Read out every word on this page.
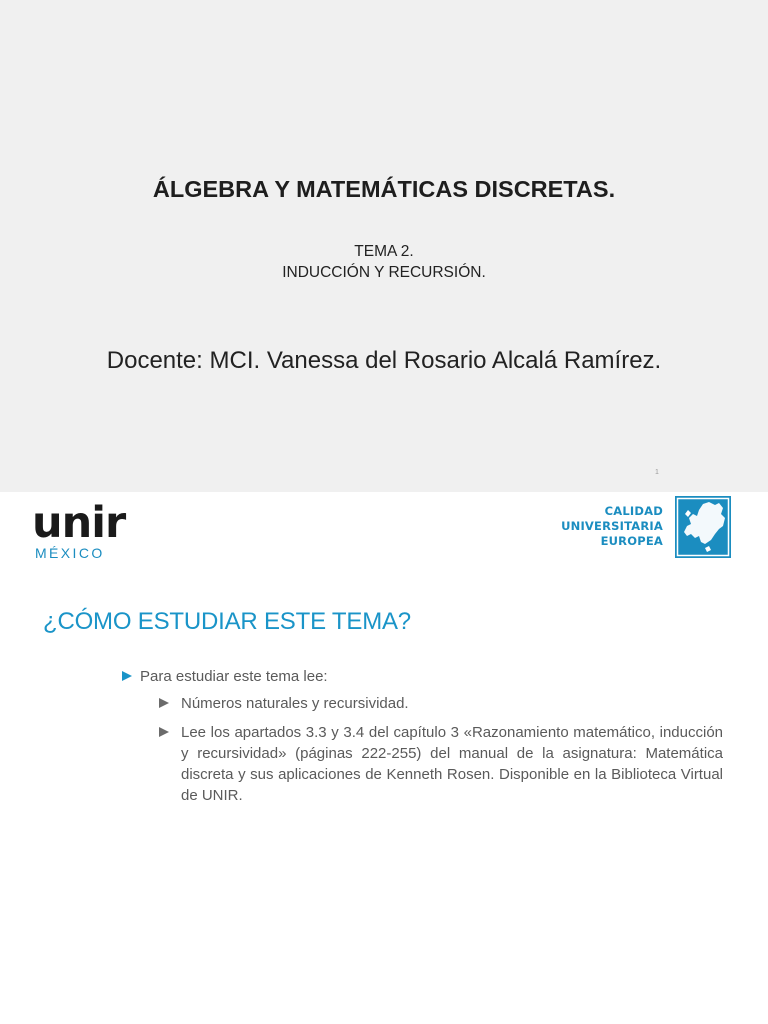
ÁLGEBRA Y MATEMÁTICAS DISCRETAS.
TEMA 2.
INDUCCIÓN Y RECURSIÓN.
Docente: MCI. Vanessa del Rosario Alcalá Ramírez.
1
unir
MÉXICO
CALIDAD
UNIVERSITARIA
EUROPEA
¿CÓMO ESTUDIAR ESTE TEMA?
Para estudiar este tema lee:
Números naturales y recursividad.
Lee los apartados 3.3 y 3.4 del capítulo 3 «Razonamiento matemático, inducción y recursividad» (páginas 222-255) del manual de la asignatura: Matemática discreta y sus aplicaciones de Kenneth Rosen. Disponible en la Biblioteca Virtual de UNIR.
